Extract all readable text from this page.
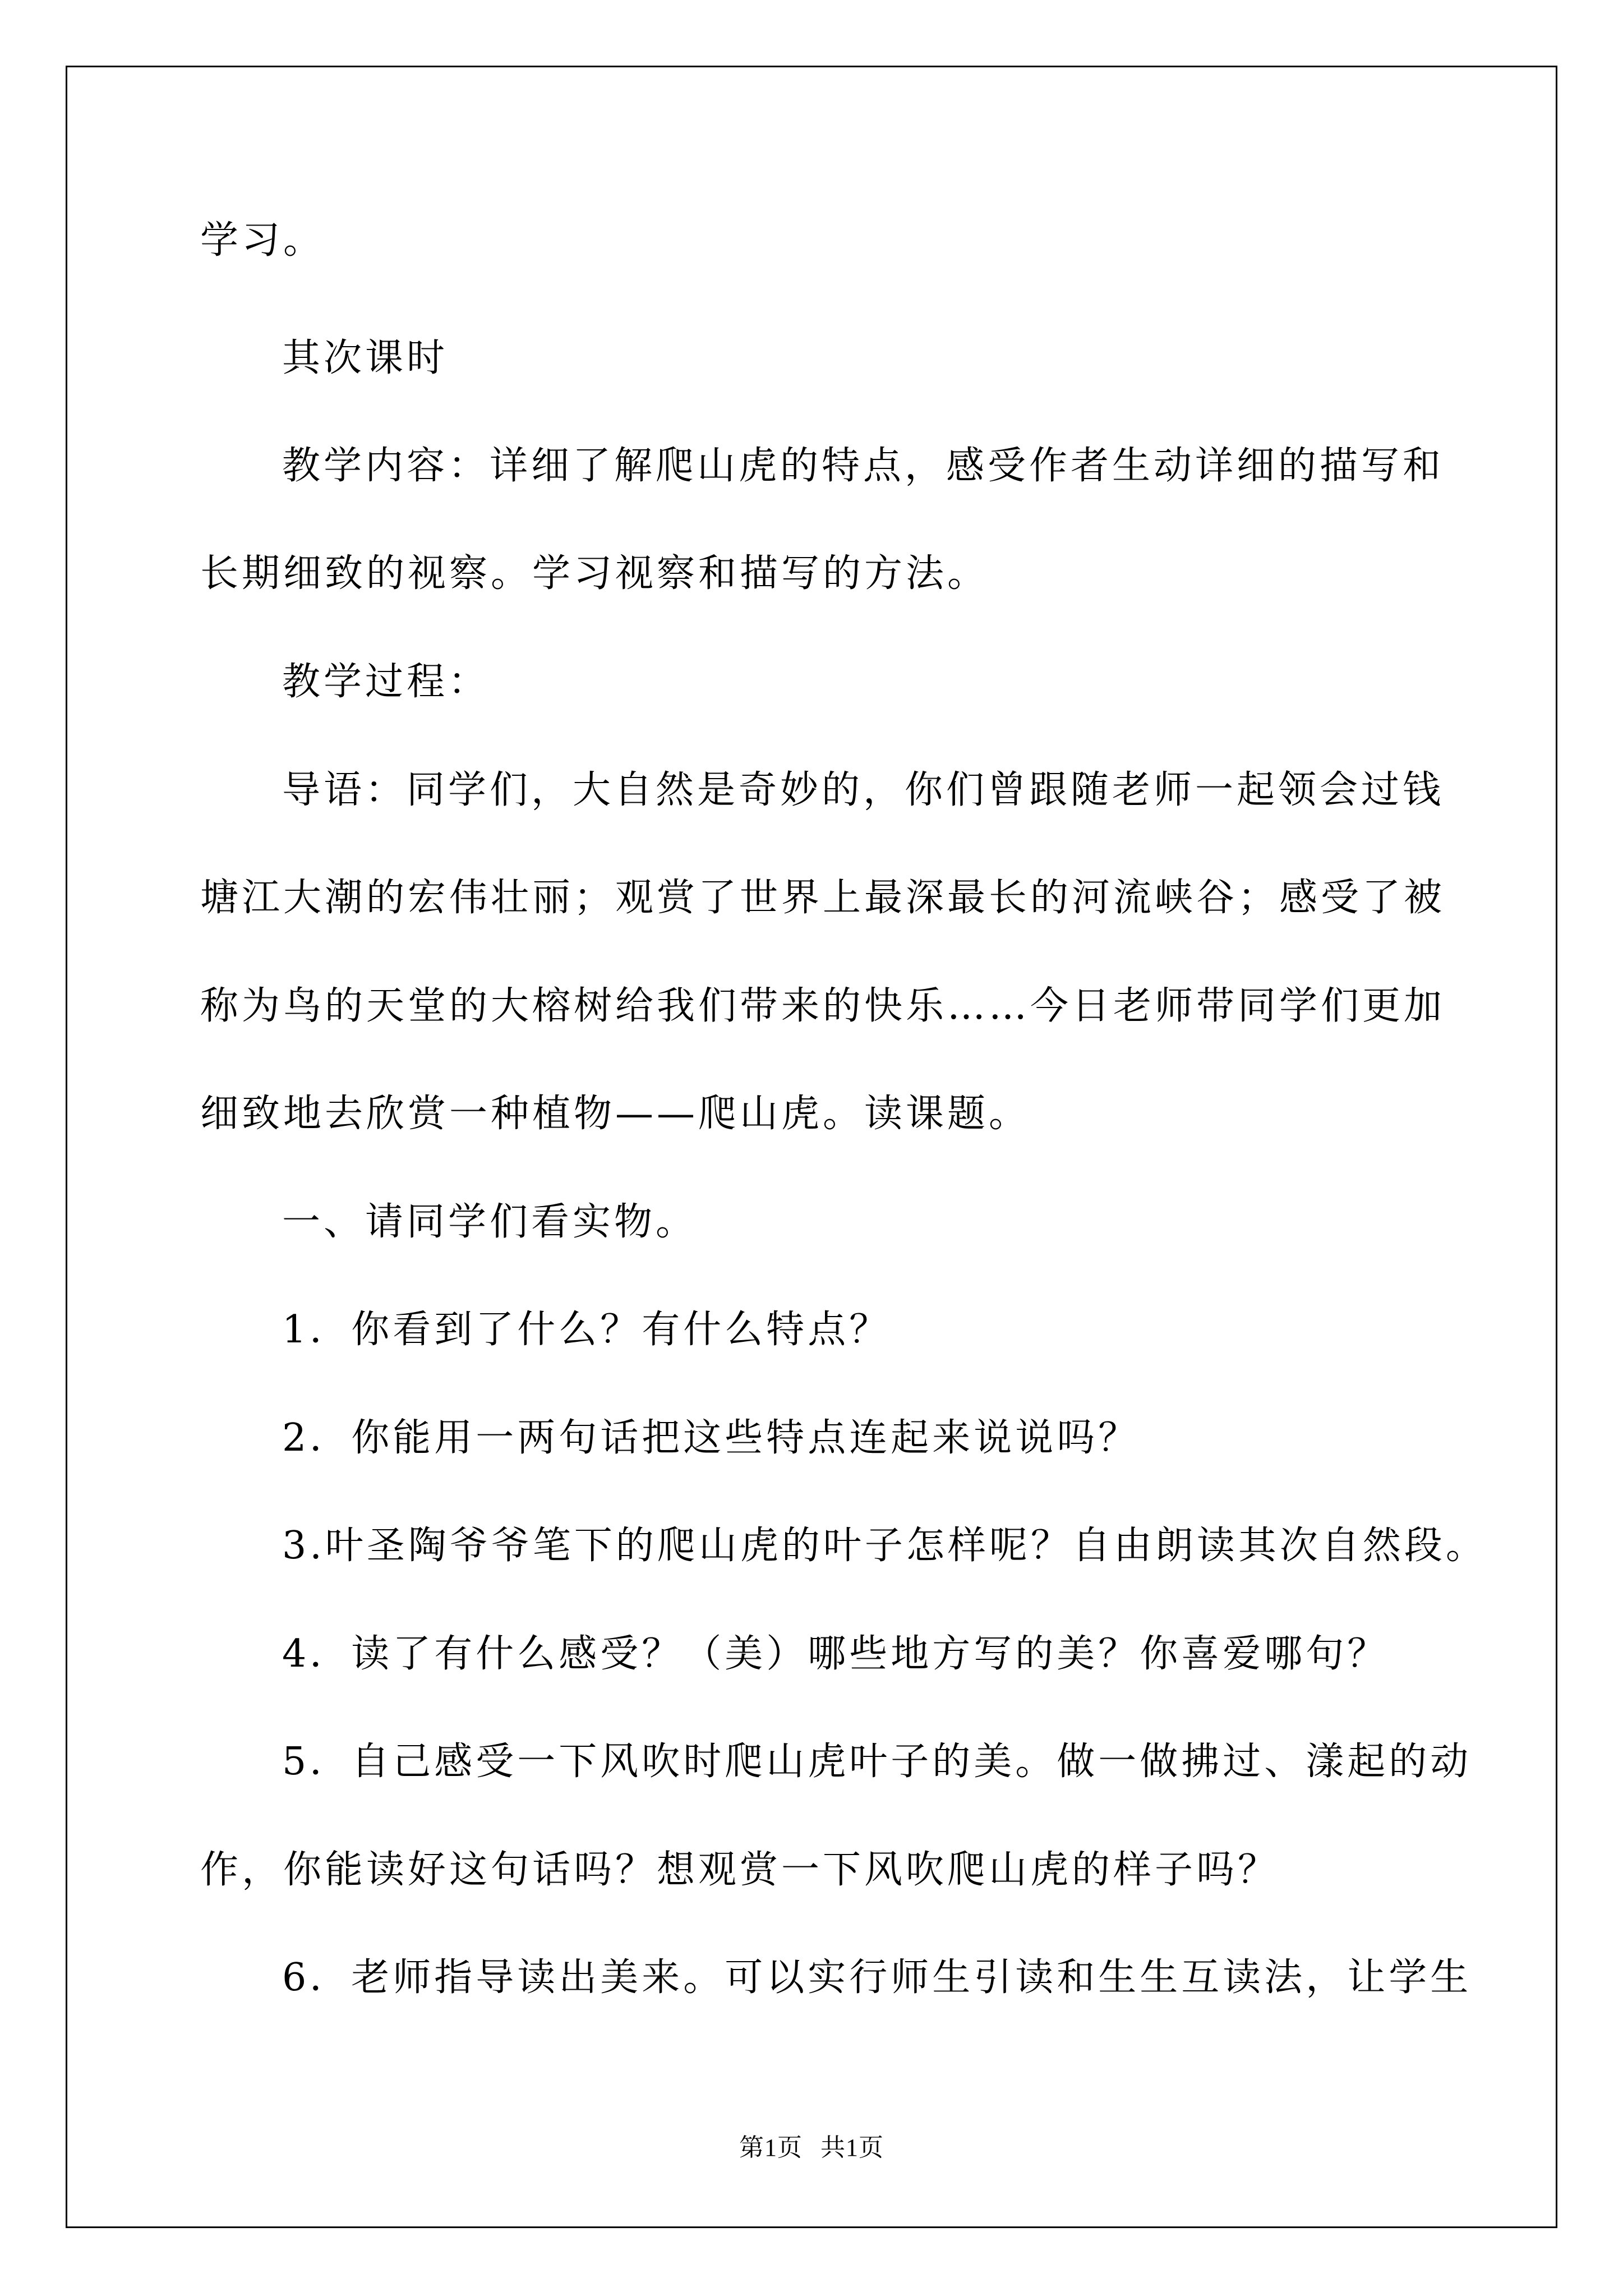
学习。
其次课时
教学内容：详细了解爬山虎的特点，感受作者生动详细的描写和
长期细致的视察。学习视察和描写的方法。
教学过程：
导语：同学们，大自然是奇妙的，你们曾跟随老师一起领会过钱
塘江大潮的宏伟壮丽；观赏了世界上最深最长的河流峡谷；感受了被
称为鸟的天堂的大榕树给我们带来的快乐……今日老师带同学们更加
细致地去欣赏一种植物——爬山虎。读课题。
一、请同学们看实物。
1．你看到了什么？有什么特点？
2．你能用一两句话把这些特点连起来说说吗？
3.叶圣陶爷爷笔下的爬山虎的叶子怎样呢？自由朗读其次自然段。
4．读了有什么感受？（美）哪些地方写的美？你喜爱哪句？
5．自己感受一下风吹时爬山虎叶子的美。做一做拂过、漾起的动
作，你能读好这句话吗？想观赏一下风吹爬山虎的样子吗？
6．老师指导读出美来。可以实行师生引读和生生互读法，让学生
第1页 共1页
